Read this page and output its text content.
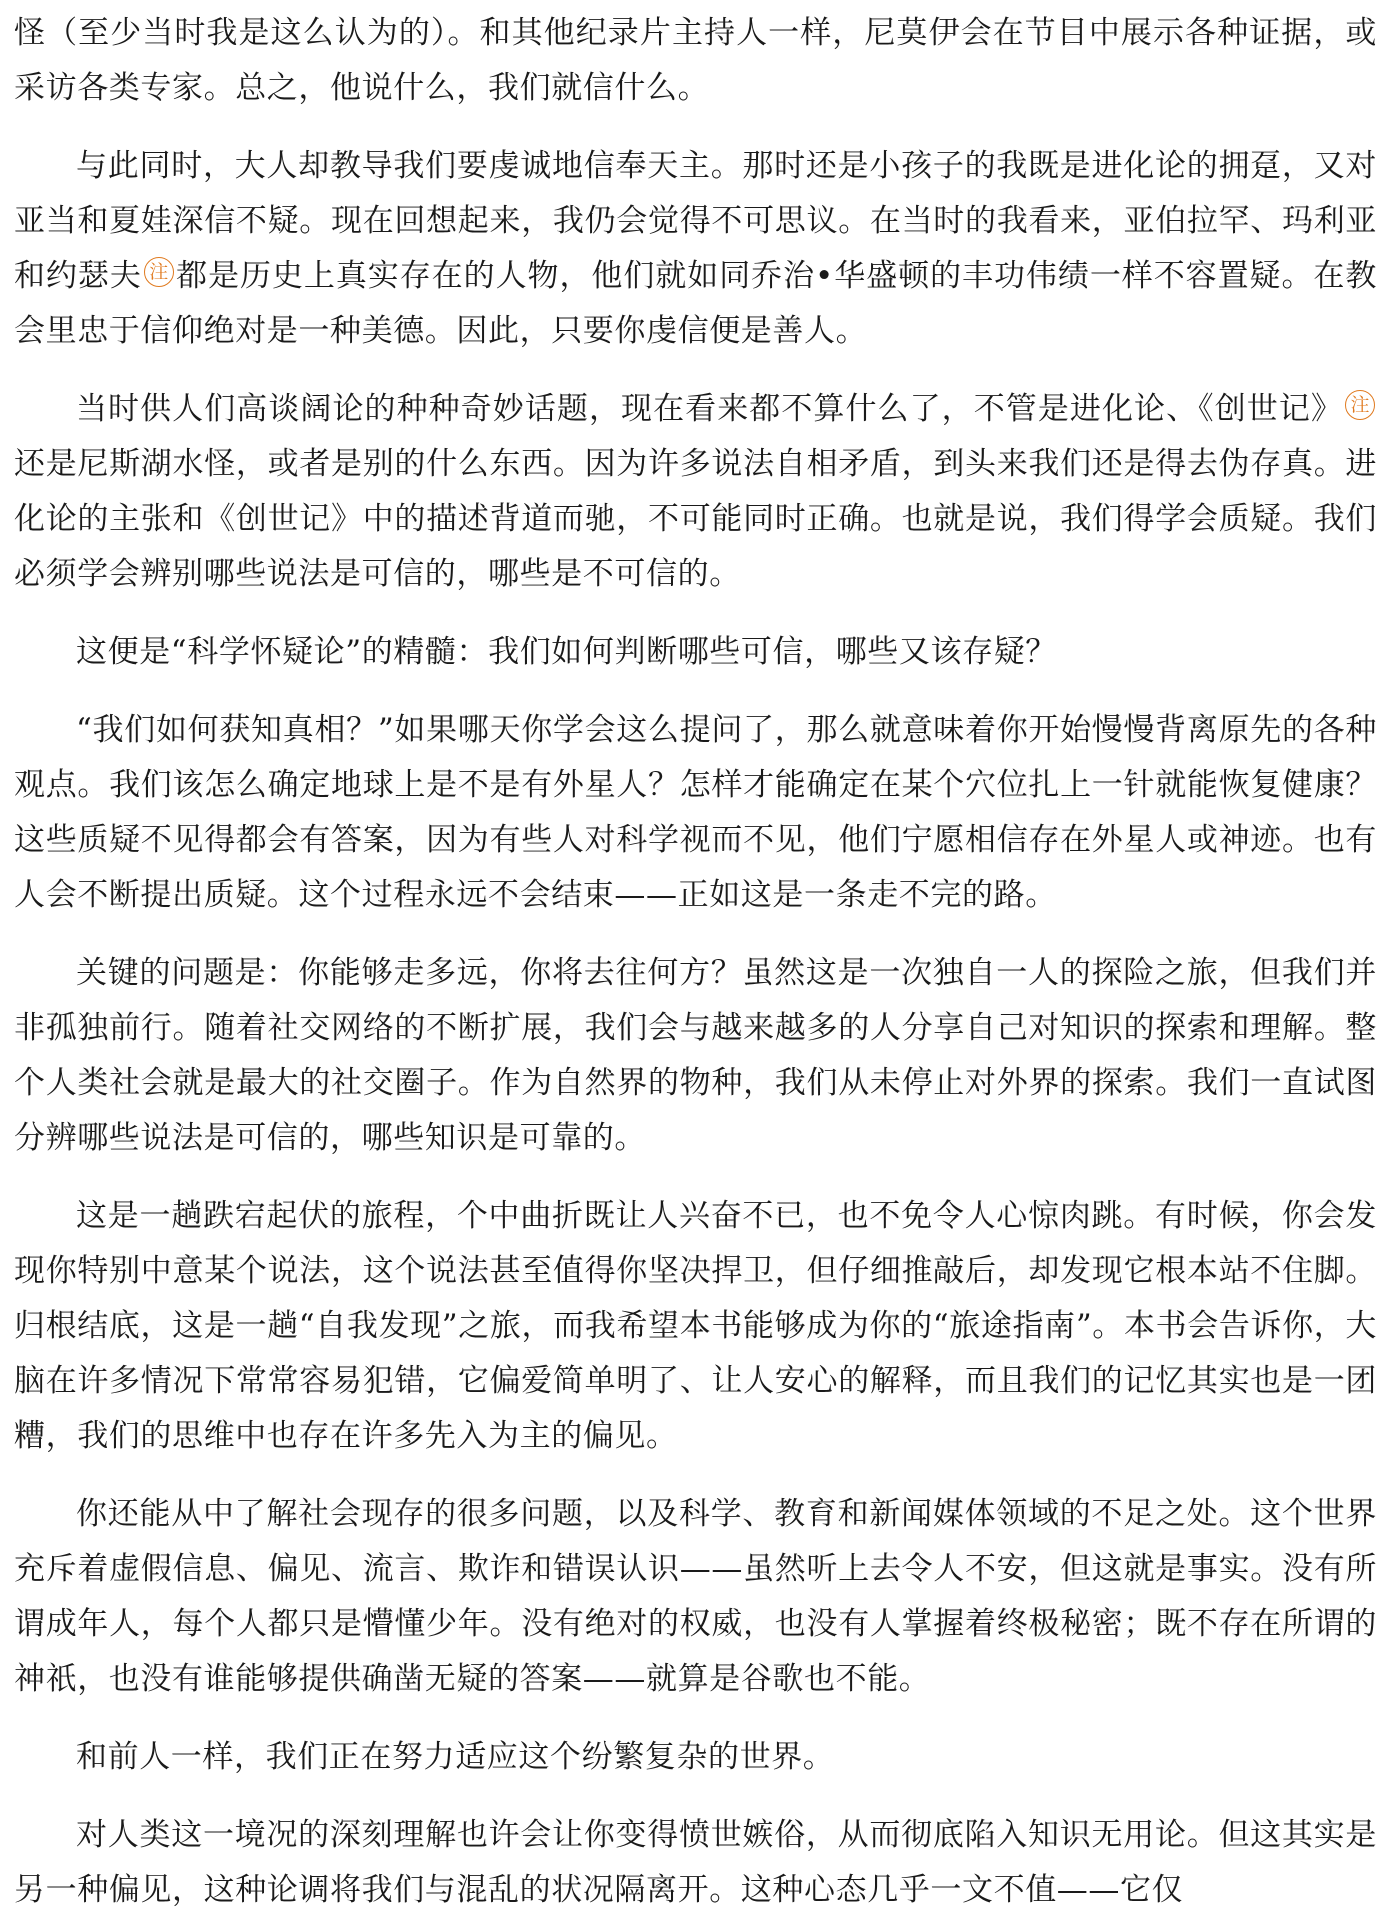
怪（至少当时我是这么认为的）。和其他纪录片主持人一样，尼莫伊会在节目中展示各种证据，或采访各类专家。总之，他说什么，我们就信什么。

与此同时，大人却教导我们要虔诚地信奉天主。那时还是小孩子的我既是进化论的拥趸，又对亚当和夏娃深信不疑。现在回想起来，我仍会觉得不可思议。在当时的我看来，亚伯拉罕、玛利亚和约瑟夫 注 都是历史上真实存在的人物，他们就如同乔治•华盛顿的丰功伟绩一样不容置疑。在教会里忠于信仰绝对是一种美德。因此，只要你虔信便是善人。

当时供人们高谈阔论的种种奇妙话题，现在看来都不算什么了，不管是进化论、《创世记》 注还是尼斯湖水怪，或者是别的什么东西。因为许多说法自相矛盾，到头来我们还是得去伪存真。进化论的主张和《创世记》中的描述背道而驰，不可能同时正确。也就是说，我们得学会质疑。我们必须学会辨别哪些说法是可信的，哪些是不可信的。

这便是“科学怀疑论”的精髓：我们如何判断哪些可信，哪些又该存疑？

“我们如何获知真相？”如果哪天你学会这么提问了，那么就意味着你开始慢慢背离原先的各种观点。我们该怎么确定地球上是不是有外星人？怎样才能确定在某个穴位扎上一针就能恢复健康？这些质疑不见得都会有答案，因为有些人对科学视而不见，他们宁愿相信存在外星人或神迹。也有人会不断提出质疑。这个过程永远不会结束——正如这是一条走不完的路。

关键的问题是：你能够走多远，你将去往何方？虽然这是一次独自一人的探险之旅，但我们并非孤独前行。随着社交网络的不断扩展，我们会与越来越多的人分享自己对知识的探索和理解。整个人类社会就是最大的社交圈子。作为自然界的物种，我们从未停止对外界的探索。我们一直试图分辨哪些说法是可信的，哪些知识是可靠的。

这是一趟跌宕起伏的旅程，个中曲折既让人兴奋不已，也不免令人心惊肉跳。有时候，你会发现你特别中意某个说法，这个说法甚至值得你坚决捍卫，但仔细推敲后，却发现它根本站不住脚。归根结底，这是一趟“自我发现”之旅，而我希望本书能够成为你的“旅途指南”。本书会告诉你，大脑在许多情况下常常容易犯错，它偏爱简单明了、让人安心的解释，而且我们的记忆其实也是一团糟，我们的思维中也存在许多先入为主的偏见。

你还能从中了解社会现存的很多问题，以及科学、教育和新闻媒体领域的不足之处。这个世界充斥着虚假信息、偏见、流言、欺诈和错误认识——虽然听上去令人不安，但这就是事实。没有所谓成年人，每个人都只是懵懂少年。没有绝对的权威，也没有人掌握着终极秘密；既不存在所谓的神祇，也没有谁能够提供确凿无疑的答案——就算是谷歌也不能。

和前人一样，我们正在努力适应这个纷繁复杂的世界。

对人类这一境况的深刻理解也许会让你变得愤世嫉俗，从而彻底陷入知识无用论。但这其实是另一种偏见，这种论调将我们与混乱的状况隔离开。这种心态几乎一文不值——它仅
